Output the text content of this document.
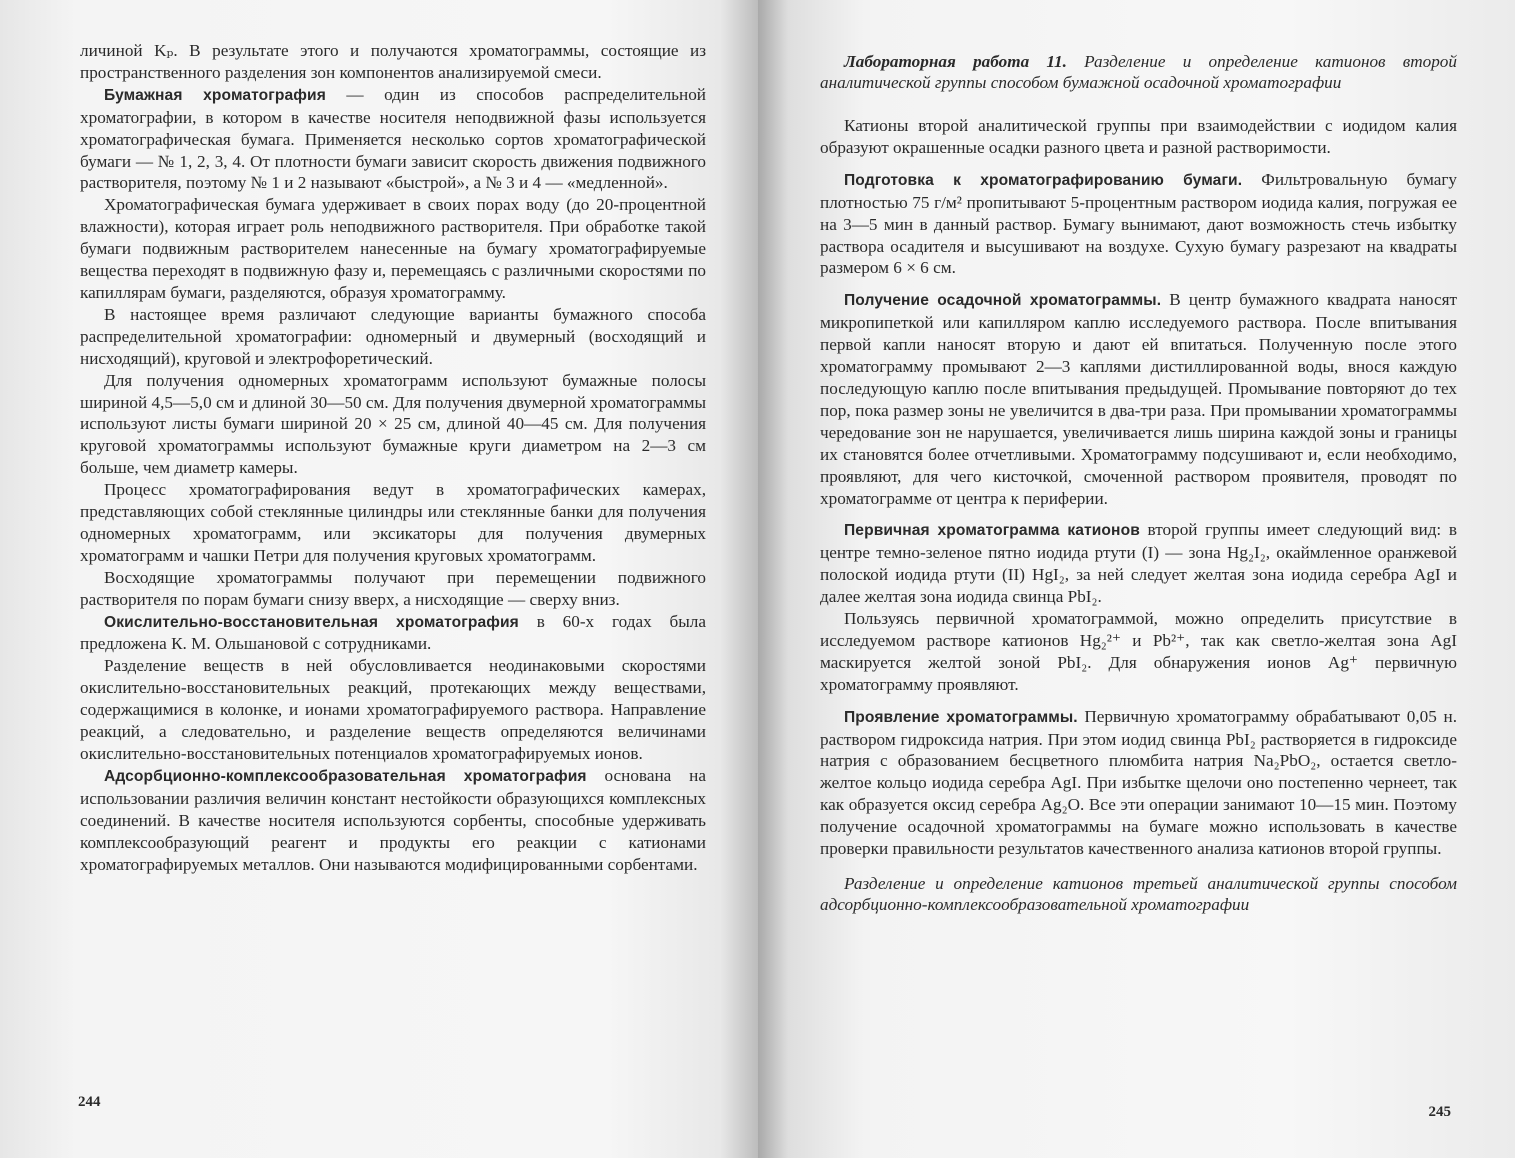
личиной Kₚ. В результате этого и получаются хроматограммы, состоящие из пространственного разделения зон компонентов анализируемой смеси.

Бумажная хроматография — один из способов распределительной хроматографии, в котором в качестве носителя неподвижной фазы используется хроматографическая бумага. Применяется несколько сортов хроматографической бумаги — № 1, 2, 3, 4. От плотности бумаги зависит скорость движения подвижного растворителя, поэтому № 1 и 2 называют «быстрой», а № 3 и 4 — «медленной».

Хроматографическая бумага удерживает в своих порах воду (до 20-процентной влажности), которая играет роль неподвижного растворителя. При обработке такой бумаги подвижным растворителем нанесенные на бумагу хроматографируемые вещества переходят в подвижную фазу и, перемещаясь с различными скоростями по капиллярам бумаги, разделяются, образуя хроматограмму.

В настоящее время различают следующие варианты бумажного способа распределительной хроматографии: одномерный и двумерный (восходящий и нисходящий), круговой и электрофоретический.

Для получения одномерных хроматограмм используют бумажные полосы шириной 4,5—5,0 см и длиной 30—50 см. Для получения двумерной хроматограммы используют листы бумаги шириной 20 × 25 см, длиной 40—45 см. Для получения круговой хроматограммы используют бумажные круги диаметром на 2—3 см больше, чем диаметр камеры.

Процесс хроматографирования ведут в хроматографических камерах, представляющих собой стеклянные цилиндры или стеклянные банки для получения одномерных хроматограмм, или эксикаторы для получения двумерных хроматограмм и чашки Петри для получения круговых хроматограмм.

Восходящие хроматограммы получают при перемещении подвижного растворителя по порам бумаги снизу вверх, а нисходящие — сверху вниз.

Окислительно-восстановительная хроматография в 60-х годах была предложена К. М. Ольшановой с сотрудниками.

Разделение веществ в ней обусловливается неодинаковыми скоростями окислительно-восстановительных реакций, протекающих между веществами, содержащимися в колонке, и ионами хроматографируемого раствора. Направление реакций, а следовательно, и разделение веществ определяются величинами окислительно-восстановительных потенциалов хроматографируемых ионов.

Адсорбционно-комплексообразовательная хроматография основана на использовании различия величин констант нестойкости образующихся комплексных соединений. В качестве носителя используются сорбенты, способные удерживать комплексообразующий реагент и продукты его реакции с катионами хроматографируемых металлов. Они называются модифицированными сорбентами.

244
Лабораторная работа 11. Разделение и определение катионов второй аналитической группы способом бумажной осадочной хроматографии

Катионы второй аналитической группы при взаимодействии с иодидом калия образуют окрашенные осадки разного цвета и разной растворимости.

Подготовка к хроматографированию бумаги. Фильтровальную бумагу плотностью 75 г/м² пропитывают 5-процентным раствором иодида калия, погружая ее на 3—5 мин в данный раствор. Бумагу вынимают, дают возможность стечь избытку раствора осадителя и высушивают на воздухе. Сухую бумагу разрезают на квадраты размером 6 × 6 см.

Получение осадочной хроматограммы. В центр бумажного квадрата наносят микропипеткой или капилляром каплю исследуемого раствора. После впитывания первой капли наносят вторую и дают ей впитаться. Полученную после этого хроматограмму промывают 2—3 каплями дистиллированной воды, внося каждую последующую каплю после впитывания предыдущей. Промывание повторяют до тех пор, пока размер зоны не увеличится в два-три раза. При промывании хроматограммы чередование зон не нарушается, увеличивается лишь ширина каждой зоны и границы их становятся более отчетливыми. Хроматограмму подсушивают и, если необходимо, проявляют, для чего кисточкой, смоченной раствором проявителя, проводят по хроматограмме от центра к периферии.

Первичная хроматограмма катионов второй группы имеет следующий вид: в центре темно-зеленое пятно иодида ртути (I) — зона Hg₂I₂, окаймленное оранжевой полоской иодида ртути (II) HgI₂, за ней следует желтая зона иодида серебра AgI и далее желтая зона иодида свинца PbI₂.

Пользуясь первичной хроматограммой, можно определить присутствие в исследуемом растворе катионов Hg₂²⁺ и Pb²⁺, так как светло-желтая зона AgI маскируется желтой зоной PbI₂. Для обнаружения ионов Ag⁺ первичную хроматограмму проявляют.

Проявление хроматограммы. Первичную хроматограмму обрабатывают 0,05 н. раствором гидроксида натрия. При этом иодид свинца PbI₂ растворяется в гидроксиде натрия с образованием бесцветного плюмбита натрия Na₂PbO₂, остается светло-желтое кольцо иодида серебра AgI. При избытке щелочи оно постепенно чернеет, так как образуется оксид серебра Ag₂O. Все эти операции занимают 10—15 мин. Поэтому получение осадочной хроматограммы на бумаге можно использовать в качестве проверки правильности результатов качественного анализа катионов второй группы.

Разделение и определение катионов третьей аналитической группы способом адсорбционно-комплексообразовательной хроматографии
245
